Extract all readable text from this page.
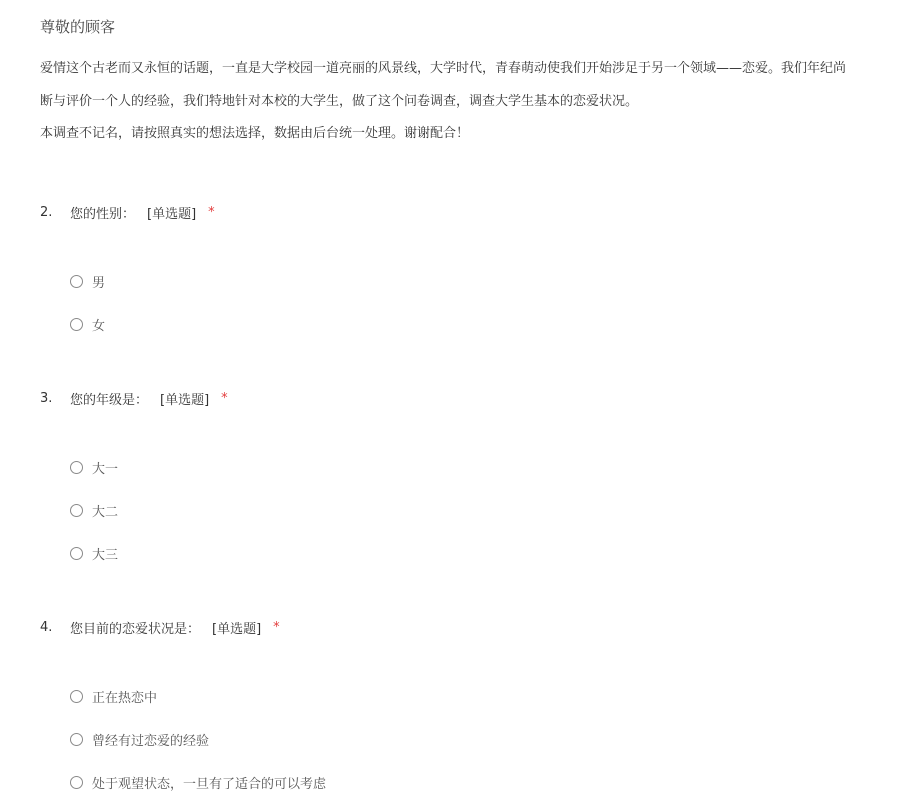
尊敬的顾客
爱情这个古老而又永恒的话题，一直是大学校园一道亮丽的风景线，大学时代，青春萌动使我们开始涉足于另一个领域——恋爱。我们年纪尚
断与评价一个人的经验，我们特地针对本校的大学生，做了这个问卷调查，调查大学生基本的恋爱状况。
本调查不记名，请按照真实的想法选择，数据由后台统一处理。谢谢配合！
2.	您的性别： [单选题] *
男
女
3.	您的年级是： [单选题] *
大一
大二
大三
4.	您目前的恋爱状况是： [单选题] *
正在热恋中
曾经有过恋爱的经验
处于观望状态，一旦有了适合的可以考虑
